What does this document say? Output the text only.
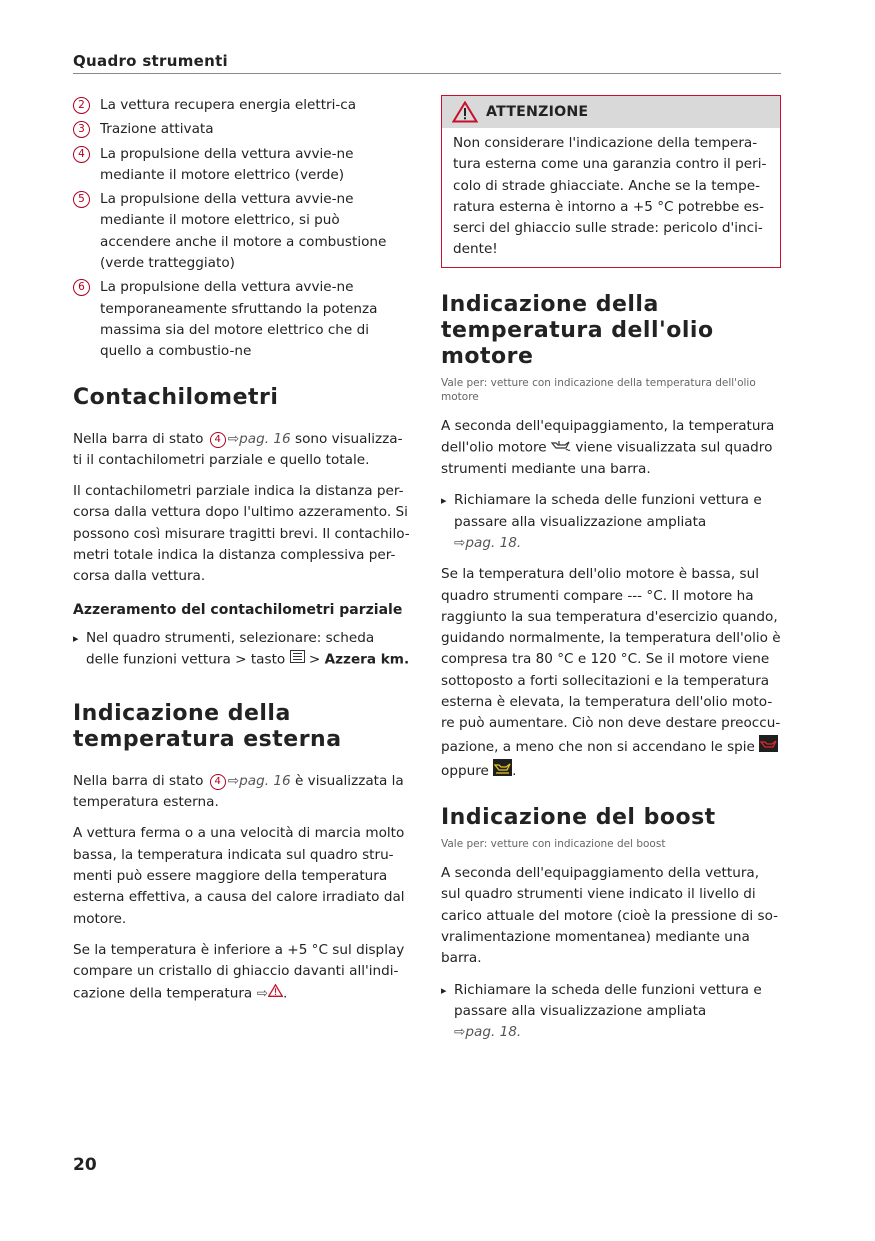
Quadro strumenti
2	La vettura recupera energia elettri-ca
3	Trazione attivata
4	La propulsione della vettura avvie-ne mediante il motore elettrico (verde)
5	La propulsione della vettura avvie-ne mediante il motore elettrico, si può accendere anche il motore a combustione (verde tratteggiato)
6	La propulsione della vettura avvie-ne temporaneamente sfruttando la potenza massima sia del motore elettrico che di quello a combustio-ne
Contachilometri

Nella barra di stato 4 ⇨pag. 16 sono visualizza-ti il contachilometri parziale e quello totale.

Il contachilometri parziale indica la distanza per-corsa dalla vettura dopo l'ultimo azzeramento. Si possono così misurare tragitti brevi. Il contachilo-metri totale indica la distanza complessiva per-corsa dalla vettura.

Azzeramento del contachilometri parziale

▸ Nel quadro strumenti, selezionare: scheda delle funzioni vettura > tasto > Azzera km.

Indicazione della temperatura esterna

Nella barra di stato 4 ⇨pag. 16 è visualizzata la temperatura esterna.

A vettura ferma o a una velocità di marcia molto bassa, la temperatura indicata sul quadro stru-menti può essere maggiore della temperatura esterna effettiva, a causa del calore irradiato dal motore.

Se la temperatura è inferiore a +5 °C sul display compare un cristallo di ghiaccio davanti all'indi-cazione della temperatura ⇨ .

ATTENZIONE
Non considerare l'indicazione della tempera-tura esterna come una garanzia contro il peri-colo di strade ghiacciate. Anche se la tempe-ratura esterna è intorno a +5 °C potrebbe es-serci del ghiaccio sulle strade: pericolo d'inci-dente!
Indicazione della temperatura dell'olio motore

Vale per: vetture con indicazione della temperatura dell'olio motore

A seconda dell'equipaggiamento, la temperatura dell'olio motore viene visualizzata sul quadro strumenti mediante una barra.

▸ Richiamare la scheda delle funzioni vettura e passare alla visualizzazione ampliata
⇨pag. 18.

Se la temperatura dell'olio motore è bassa, sul quadro strumenti compare --- °C. Il motore ha raggiunto la sua temperatura d'esercizio quando, guidando normalmente, la temperatura dell'olio è compresa tra 80 °C e 120 °C. Se il motore viene sottoposto a forti sollecitazioni e la temperatura esterna è elevata, la temperatura dell'olio moto-re può aumentare. Ciò non deve destare preoccu-pazione, a meno che non si accendano le spie  oppure .

Indicazione del boost

Vale per: vetture con indicazione del boost

A seconda dell'equipaggiamento della vettura, sul quadro strumenti viene indicato il livello di carico attuale del motore (cioè la pressione di so-vralimentazione momentanea) mediante una barra.

▸ Richiamare la scheda delle funzioni vettura e passare alla visualizzazione ampliata
⇨pag. 18.

20
